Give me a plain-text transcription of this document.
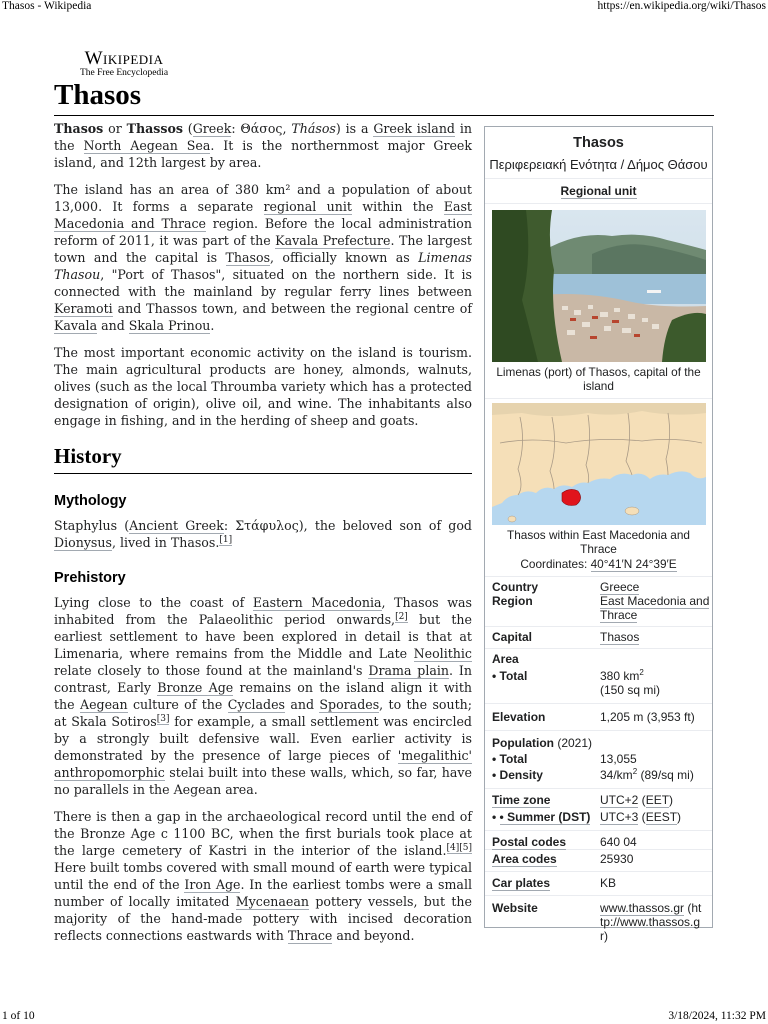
Thasos - Wikipedia	https://en.wikipedia.org/wiki/Thasos
Wikipedia
The Free Encyclopedia
Thasos

Thasos or Thassos (Greek: Θάσος, Thásos) is a Greek island in the North Aegean Sea. It is the northernmost major Greek island, and 12th largest by area.

The island has an area of 380 km² and a population of about 13,000. It forms a separate regional unit within the East Macedonia and Thrace region. Before the local administration reform of 2011, it was part of the Kavala Prefecture. The largest town and the capital is Thasos, officially known as Limenas Thasou, "Port of Thasos", situated on the northern side. It is connected with the mainland by regular ferry lines between Keramoti and Thassos town, and between the regional centre of Kavala and Skala Prinou.

The most important economic activity on the island is tourism. The main agricultural products are honey, almonds, walnuts, olives (such as the local Throumba variety which has a protected designation of origin), olive oil, and wine. The inhabitants also engage in fishing, and in the herding of sheep and goats.

History
Mythology

Staphylus (Ancient Greek: Στάφυλος), the beloved son of god Dionysus, lived in Thasos.[1]

Prehistory

Lying close to the coast of Eastern Macedonia, Thasos was inhabited from the Palaeolithic period onwards,[2] but the earliest settlement to have been explored in detail is that at Limenaria, where remains from the Middle and Late Neolithic relate closely to those found at the mainland's Drama plain. In contrast, Early Bronze Age remains on the island align it with the Aegean culture of the Cyclades and Sporades, to the south; at Skala Sotiros[3] for example, a small settlement was encircled by a strongly built defensive wall. Even earlier activity is demonstrated by the presence of large pieces of 'megalithic' anthropomorphic stelai built into these walls, which, so far, have no parallels in the Aegean area.

There is then a gap in the archaeological record until the end of the Bronze Age c 1100 BC, when the first burials took place at the large cemetery of Kastri in the interior of the island.[4][5] Here built tombs covered with small mound of earth were typical until the end of the Iron Age. In the earliest tombs were a small number of locally imitated Mycenaean pottery vessels, but the majority of the hand-made pottery with incised decoration reflects connections eastwards with Thrace and beyond.

Thasos
Περιφερειακή Ενότητα / Δήμος Θάσου
Regional unit
Limenas (port) of Thasos, capital of the island
Thasos within East Macedonia and Thrace
Coordinates: 40°41′N 24°39′E
Country	Greece
Region	East Macedonia and Thrace

Capital	Thasos

Area	
• Total	380 $km^2$
(150 sq mi)

Elevation	1,205 m (3,953 ft)

Population (2021)	
• Total	13,055
• Density	$34/km^2$ (89/sq mi)

Time zone	UTC+2 (EET)
• • Summer (DST)	UTC+3 (EEST)

Postal codes	640 04
Area codes	25930

Car plates	KB

Website	www.thassos.gr (http://www.thassos.gr)
1 of 10	3/18/2024, 11:32 PM
